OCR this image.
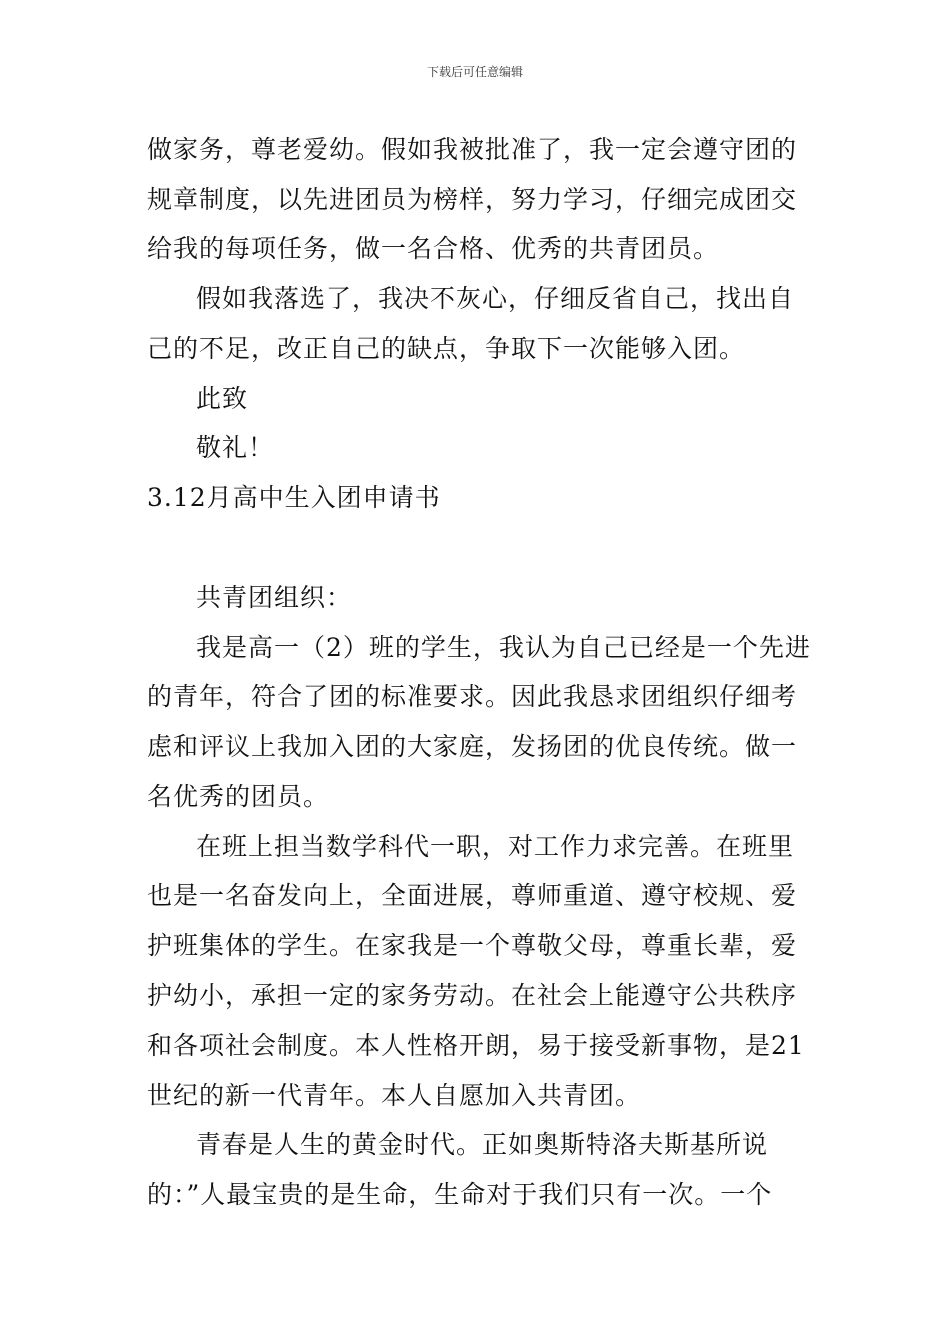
下载后可任意编辑
做家务，尊老爱幼。假如我被批准了，我一定会遵守团的
规章制度，以先进团员为榜样，努力学习，仔细完成团交
给我的每项任务，做一名合格、优秀的共青团员。
假如我落选了，我决不灰心，仔细反省自己，找出自
己的不足，改正自己的缺点，争取下一次能够入团。
此致
敬礼！
3.12月高中生入团申请书
共青团组织：
我是高一（2）班的学生，我认为自己已经是一个先进
的青年，符合了团的标准要求。因此我恳求团组织仔细考
虑和评议上我加入团的大家庭，发扬团的优良传统。做一
名优秀的团员。
在班上担当数学科代一职，对工作力求完善。在班里
也是一名奋发向上，全面进展，尊师重道、遵守校规、爱
护班集体的学生。在家我是一个尊敬父母，尊重长辈，爱
护幼小，承担一定的家务劳动。在社会上能遵守公共秩序
和各项社会制度。本人性格开朗，易于接受新事物，是21
世纪的新一代青年。本人自愿加入共青团。
青春是人生的黄金时代。正如奥斯特洛夫斯基所说
的：”人最宝贵的是生命，生命对于我们只有一次。一个
